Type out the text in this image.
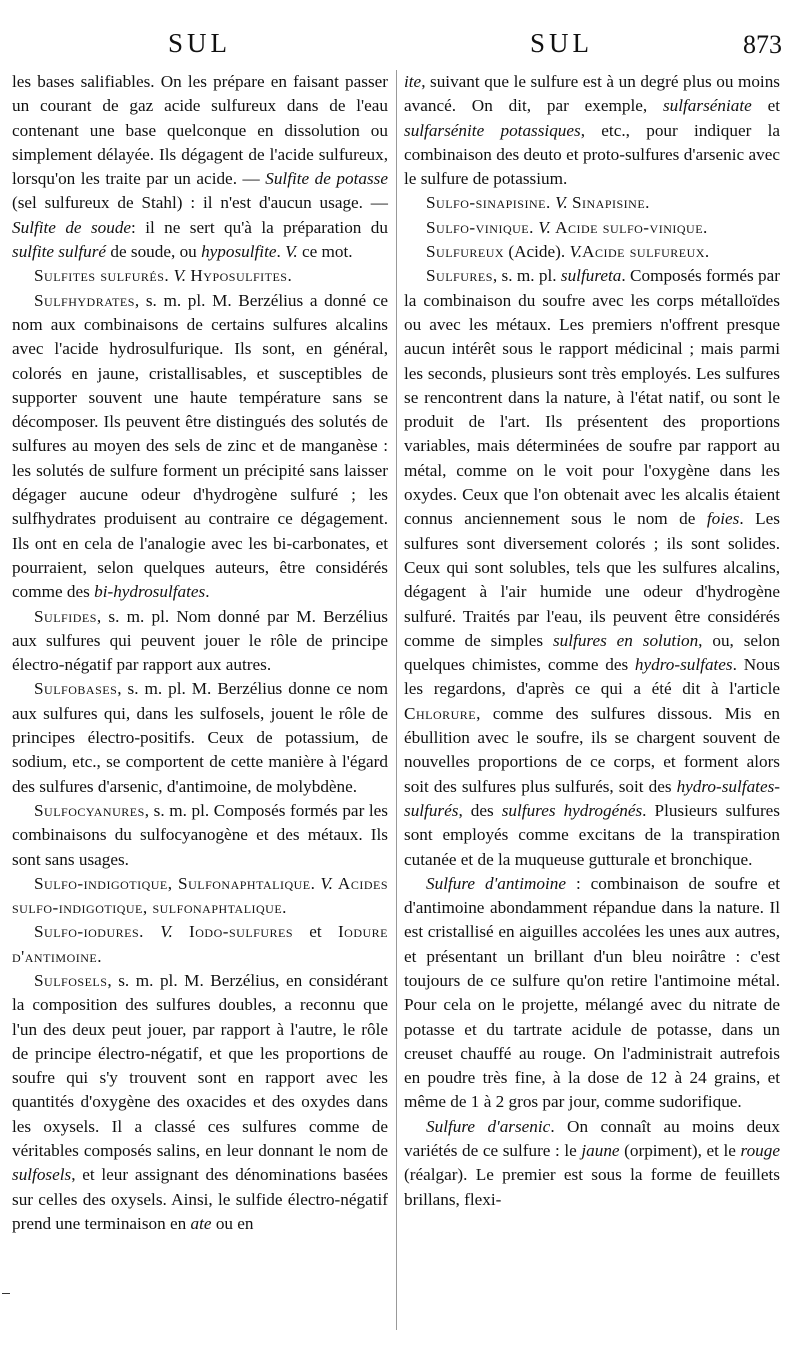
SUL	SUL	873

les bases salifiables. On les prépare en faisant passer un courant de gaz acide sulfureux dans de l'eau contenant une base quelconque en dissolution ou simplement délayée. Ils dégagent de l'acide sulfureux, lorsqu'on les traite par un acide. — Sulfite de potasse (sel sulfureux de Stahl) : il n'est d'aucun usage. — Sulfite de soude: il ne sert qu'à la préparation du sulfite sulfuré de soude, ou hyposulfite. V. ce mot.

Sulfites sulfurés. V. Hyposulfites.

Sulfhydrates, s. m. pl. M. Berzélius a donné ce nom aux combinaisons de certains sulfures alcalins avec l'acide hydrosulfurique. Ils sont, en général, colorés en jaune, cristallisables, et susceptibles de supporter souvent une haute température sans se décomposer. Ils peuvent être distingués des solutés de sulfures au moyen des sels de zinc et de manganèse : les solutés de sulfure forment un précipité sans laisser dégager aucune odeur d'hydrogène sulfuré ; les sulfhydrates produisent au contraire ce dégagement. Ils ont en cela de l'analogie avec les bi-carbonates, et pourraient, selon quelques auteurs, être considérés comme des bi-hydrosulfates.

Sulfides, s. m. pl. Nom donné par M. Berzélius aux sulfures qui peuvent jouer le rôle de principe électro-négatif par rapport aux autres.

Sulfobases, s. m. pl. M. Berzélius donne ce nom aux sulfures qui, dans les sulfosels, jouent le rôle de principes électro-positifs. Ceux de potassium, de sodium, etc., se comportent de cette manière à l'égard des sulfures d'arsenic, d'antimoine, de molybdène.

Sulfocyanures, s. m. pl. Composés formés par les combinaisons du sulfocyanogène et des métaux. Ils sont sans usages.

Sulfo-indigotique, Sulfonaphtalique. V. Acides sulfo-indigotique, sulfonaphtalique.

Sulfo-iodures. V. Iodo-sulfures et Iodure d'antimoine.

Sulfosels, s. m. pl. M. Berzélius, en considérant la composition des sulfures doubles, a reconnu que l'un des deux peut jouer, par rapport à l'autre, le rôle de principe électro-négatif, et que les proportions de soufre qui s'y trouvent sont en rapport avec les quantités d'oxygène des oxacides et des oxydes dans les oxysels. Il a classé ces sulfures comme de véritables composés salins, en leur donnant le nom de sulfosels, et leur assignant des dénominations basées sur celles des oxysels. Ainsi, le sulfide électro-négatif prend une terminaison en ate ou en

ite, suivant que le sulfure est à un degré plus ou moins avancé. On dit, par exemple, sulfarséniate et sulfarsénite potassiques, etc., pour indiquer la combinaison des deuto et proto-sulfures d'arsenic avec le sulfure de potassium.

Sulfo-sinapisine. V. Sinapisine.

Sulfo-vinique. V. Acide sulfo-vinique.

Sulfureux (Acide). V.Acide sulfureux.

Sulfures, s. m. pl. sulfureta. Composés formés par la combinaison du soufre avec les corps métalloïdes ou avec les métaux. Les premiers n'offrent presque aucun intérêt sous le rapport médicinal ; mais parmi les seconds, plusieurs sont très employés. Les sulfures se rencontrent dans la nature, à l'état natif, ou sont le produit de l'art. Ils présentent des proportions variables, mais déterminées de soufre par rapport au métal, comme on le voit pour l'oxygène dans les oxydes. Ceux que l'on obtenait avec les alcalis étaient connus anciennement sous le nom de foies. Les sulfures sont diversement colorés ; ils sont solides. Ceux qui sont solubles, tels que les sulfures alcalins, dégagent à l'air humide une odeur d'hydrogène sulfuré. Traités par l'eau, ils peuvent être considérés comme de simples sulfures en solution, ou, selon quelques chimistes, comme des hydro-sulfates. Nous les regardons, d'après ce qui a été dit à l'article Chlorure, comme des sulfures dissous. Mis en ébullition avec le soufre, ils se chargent souvent de nouvelles proportions de ce corps, et forment alors soit des sulfures plus sulfurés, soit des hydro-sulfates-sulfurés, des sulfures hydrogénés. Plusieurs sulfures sont employés comme excitans de la transpiration cutanée et de la muqueuse gutturale et bronchique.

Sulfure d'antimoine : combinaison de soufre et d'antimoine abondamment répandue dans la nature. Il est cristallisé en aiguilles accolées les unes aux autres, et présentant un brillant d'un bleu noirâtre : c'est toujours de ce sulfure qu'on retire l'antimoine métal. Pour cela on le projette, mélangé avec du nitrate de potasse et du tartrate acidule de potasse, dans un creuset chauffé au rouge. On l'administrait autrefois en poudre très fine, à la dose de 12 à 24 grains, et même de 1 à 2 gros par jour, comme sudorifique.

Sulfure d'arsenic. On connaît au moins deux variétés de ce sulfure : le jaune (orpiment), et le rouge (réalgar). Le premier est sous la forme de feuillets brillans, flexi-
